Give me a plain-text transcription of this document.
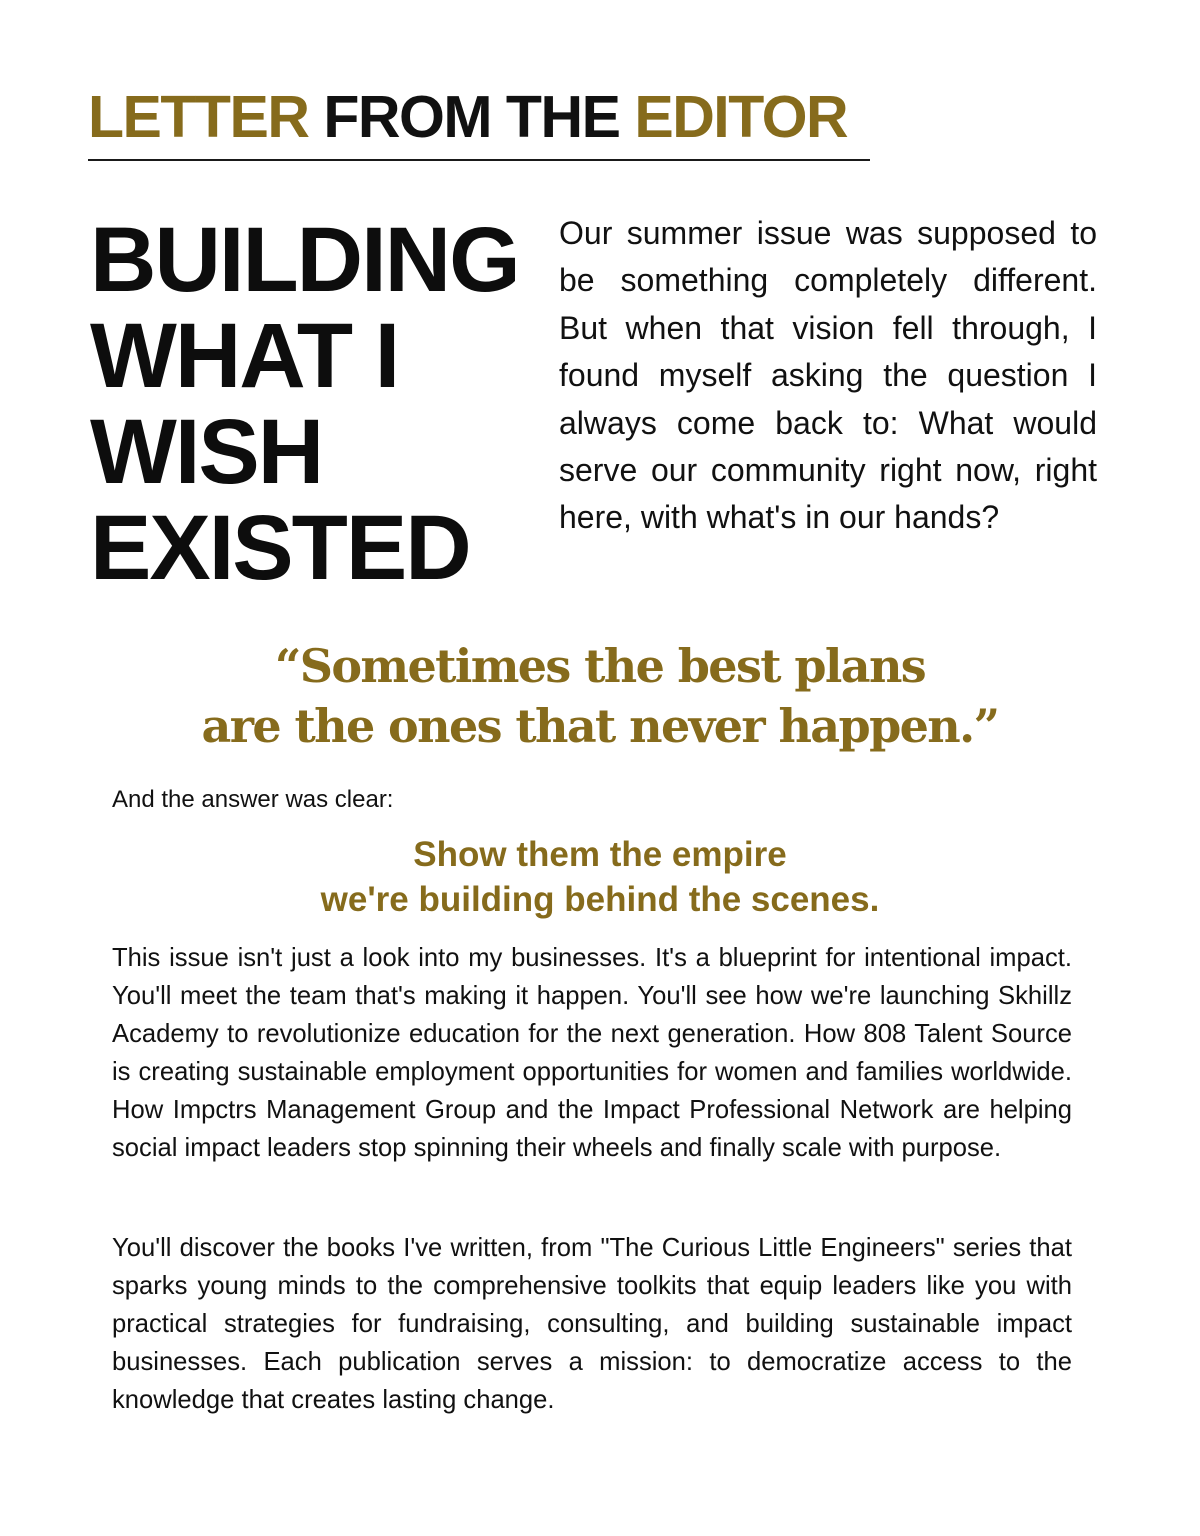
LETTER FROM THE EDITOR
BUILDING
WHAT I
WISH
EXISTED

Our summer issue was supposed to be something completely different. But when that vision fell through, I found myself asking the question I always come back to: What would serve our community right now, right here, with what's in our hands?

“Sometimes the best plans
are the ones that never happen.”

And the answer was clear:

Show them the empire
we're building behind the scenes.

This issue isn't just a look into my businesses. It's a blueprint for intentional impact. You'll meet the team that's making it happen. You'll see how we're launching Skhillz Academy to revolutionize education for the next generation. How 808 Talent Source is creating sustainable employment opportunities for women and families worldwide. How Impctrs Management Group and the Impact Professional Network are helping social impact leaders stop spinning their wheels and finally scale with purpose.

You'll discover the books I've written, from "The Curious Little Engineers" series that sparks young minds to the comprehensive toolkits that equip leaders like you with practical strategies for fundraising, consulting, and building sustainable impact businesses. Each publication serves a mission: to democratize access to the knowledge that creates lasting change.
